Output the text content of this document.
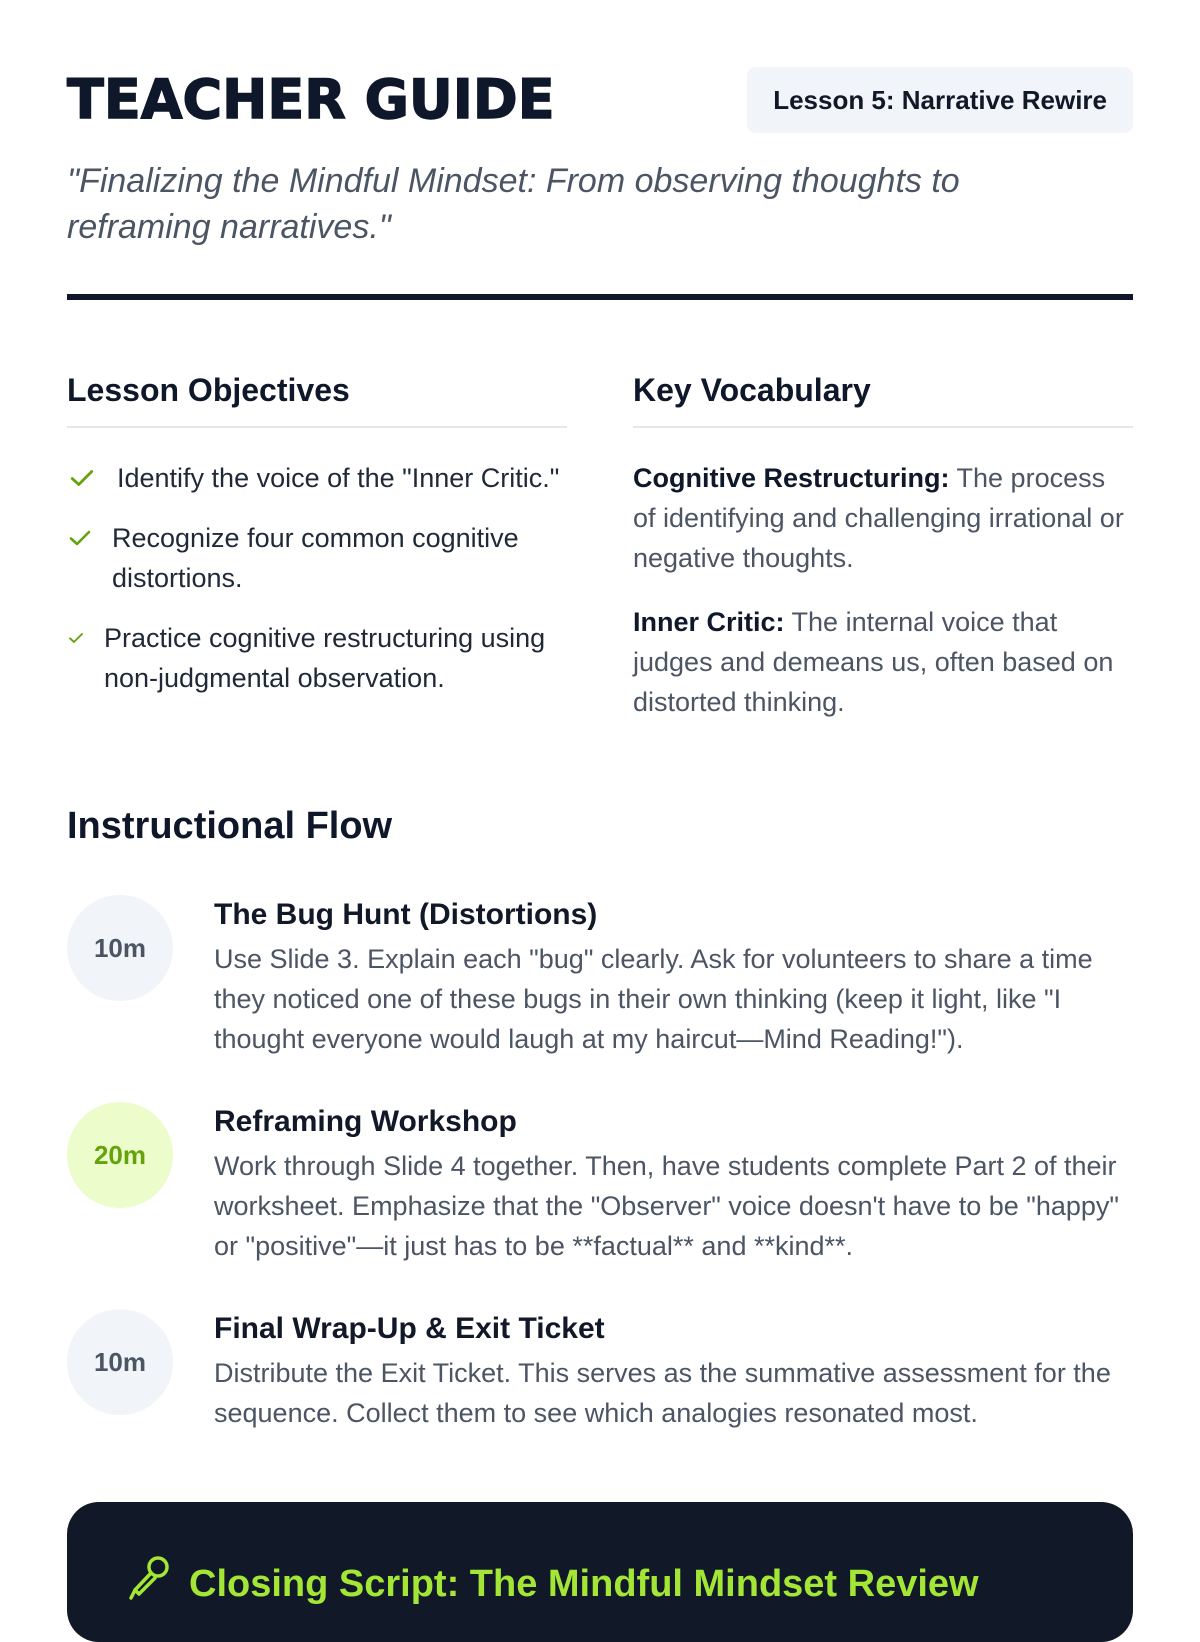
TEACHER GUIDE	Lesson 5: Narrative Rewire

"Finalizing the Mindful Mindset: From observing thoughts to reframing narratives."

Lesson Objectives
Identify the voice of the "Inner Critic."
Recognize four common cognitive distortions.
Practice cognitive restructuring using non-judgmental observation.
Key Vocabulary

Cognitive Restructuring: The process of identifying and challenging irrational or negative thoughts.

Inner Critic: The internal voice that judges and demeans us, often based on distorted thinking.

Instructional Flow
10m
The Bug Hunt (Distortions)

Use Slide 3. Explain each "bug" clearly. Ask for volunteers to share a time they noticed one of these bugs in their own thinking (keep it light, like "I thought everyone would laugh at my haircut—Mind Reading!").

20m
Reframing Workshop

Work through Slide 4 together. Then, have students complete Part 2 of their worksheet. Emphasize that the "Observer" voice doesn't have to be "happy" or "positive"—it just has to be **factual** and **kind**.

10m
Final Wrap-Up & Exit Ticket

Distribute the Exit Ticket. This serves as the summative assessment for the sequence. Collect them to see which analogies resonated most.

Closing Script: The Mindful Mindset Review
